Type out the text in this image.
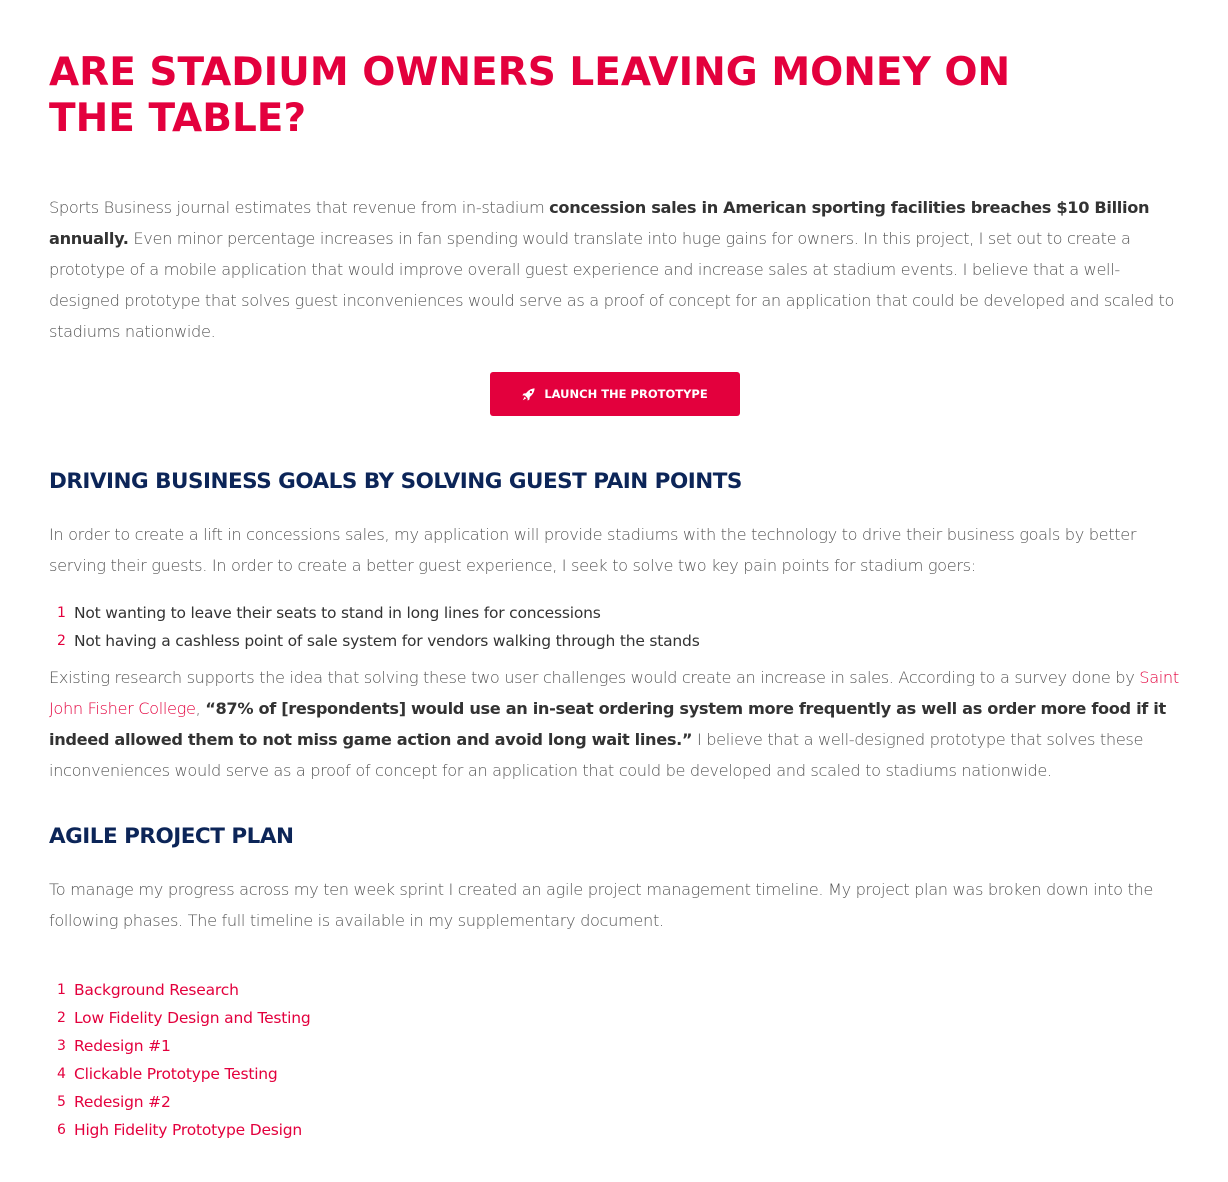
ARE STADIUM OWNERS LEAVING MONEY ON THE TABLE?

Sports Business journal estimates that revenue from in-stadium concession sales in American sporting facilities breaches $10 Billion annually. Even minor percentage increases in fan spending would translate into huge gains for owners. In this project, I set out to create a prototype of a mobile application that would improve overall guest experience and increase sales at stadium events. I believe that a well-designed prototype that solves guest inconveniences would serve as a proof of concept for an application that could be developed and scaled to stadiums nationwide.

LAUNCH THE PROTOTYPE
DRIVING BUSINESS GOALS BY SOLVING GUEST PAIN POINTS

In order to create a lift in concessions sales, my application will provide stadiums with the technology to drive their business goals by better serving their guests. In order to create a better guest experience, I seek to solve two key pain points for stadium goers:

1 Not wanting to leave their seats to stand in long lines for concessions
2 Not having a cashless point of sale system for vendors walking through the stands

Existing research supports the idea that solving these two user challenges would create an increase in sales. According to a survey done by Saint John Fisher College, “87% of [respondents] would use an in-seat ordering system more frequently as well as order more food if it indeed allowed them to not miss game action and avoid long wait lines.” I believe that a well-designed prototype that solves these inconveniences would serve as a proof of concept for an application that could be developed and scaled to stadiums nationwide.

AGILE PROJECT PLAN

To manage my progress across my ten week sprint I created an agile project management timeline. My project plan was broken down into the following phases. The full timeline is available in my supplementary document.

1 Background Research
2 Low Fidelity Design and Testing
3 Redesign #1
4 Clickable Prototype Testing
5 Redesign #2
6 High Fidelity Prototype Design
